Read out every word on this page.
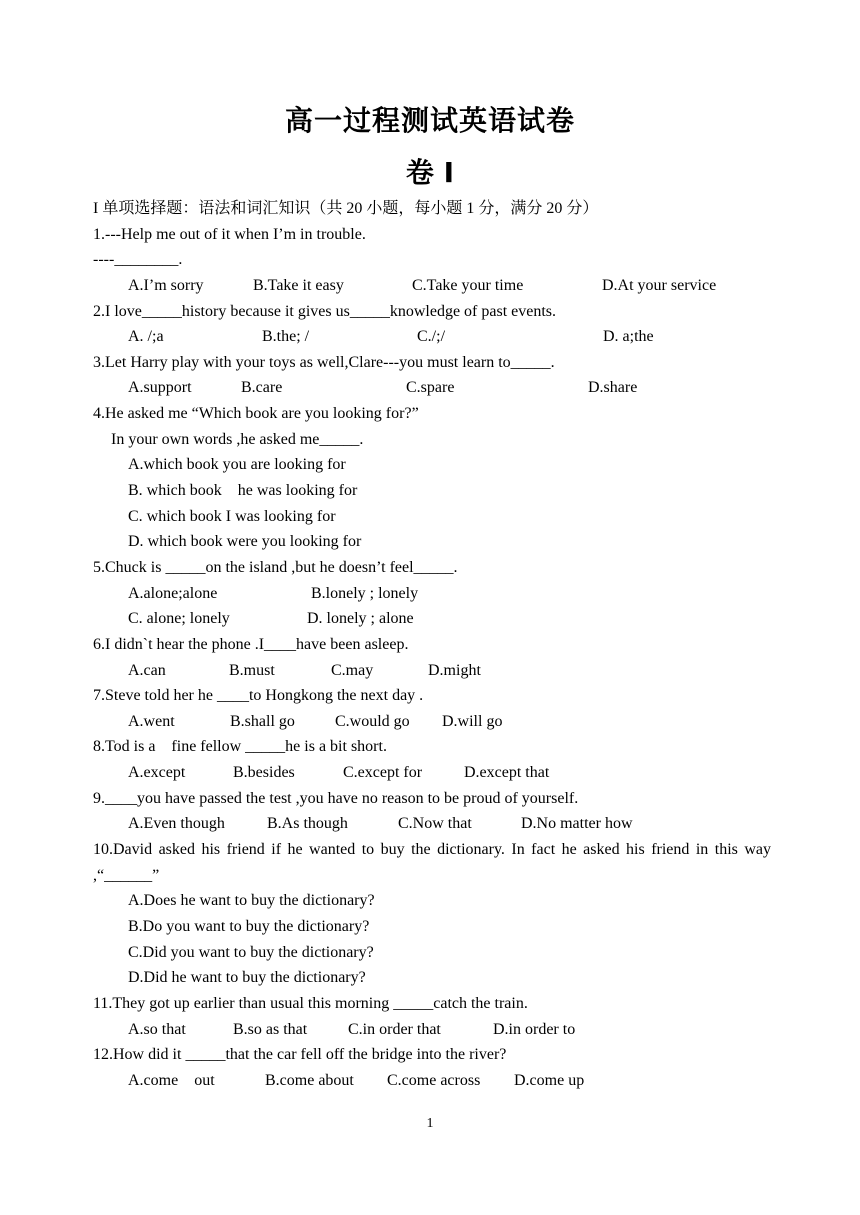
高一过程测试英语试卷
卷 I
I 单项选择题：语法和词汇知识（共 20 小题，每小题 1 分，满分 20 分）
1.---Help me out of it when I’m in trouble.
----________.
A.I’m sorry	B.Take it easy	C.Take your time	D.At your service
2.I love_____history because it gives us_____knowledge of past events.
A. /;a	B.the; /	C./;/	D. a;the
3.Let Harry play with your toys as well,Clare---you must learn to_____.
A.support	B.care	C.spare	D.share
4.He asked me “Which book are you looking for?”
In your own words ,he asked me_____.
A.which book you are looking for
B. which book    he was looking for
C. which book I was looking for
D. which book were you looking for
5.Chuck is _____on the island ,but he doesn’t feel_____.
A.alone;alone	B.lonely ; lonely
C. alone; lonely	D. lonely ; alone
6.I didn`t hear the phone .I____have been asleep.
A.can	B.must	C.may	D.might
7.Steve told her he ____to Hongkong the next day .
A.went	B.shall go	C.would go D.will go
8.Tod is a    fine fellow _____he is a bit short.
A.except	B.besides	C.except for	D.except that
9.____you have passed the test ,you have no reason to be proud of yourself.
A.Even though	B.As though	C.Now that	D.No matter how
10.David asked his friend if he wanted to buy the dictionary. In fact he asked his friend in this way ,“______”
A.Does he want to buy the dictionary?
B.Do you want to buy the dictionary?
C.Did you want to buy the dictionary?
D.Did he want to buy the dictionary?
11.They got up earlier than usual this morning _____catch the train.
A.so that	B.so as that	C.in order that	D.in order to
12.How did it _____that the car fell off the bridge into the river?
A.come    out	B.come about C.come across D.come up
1
